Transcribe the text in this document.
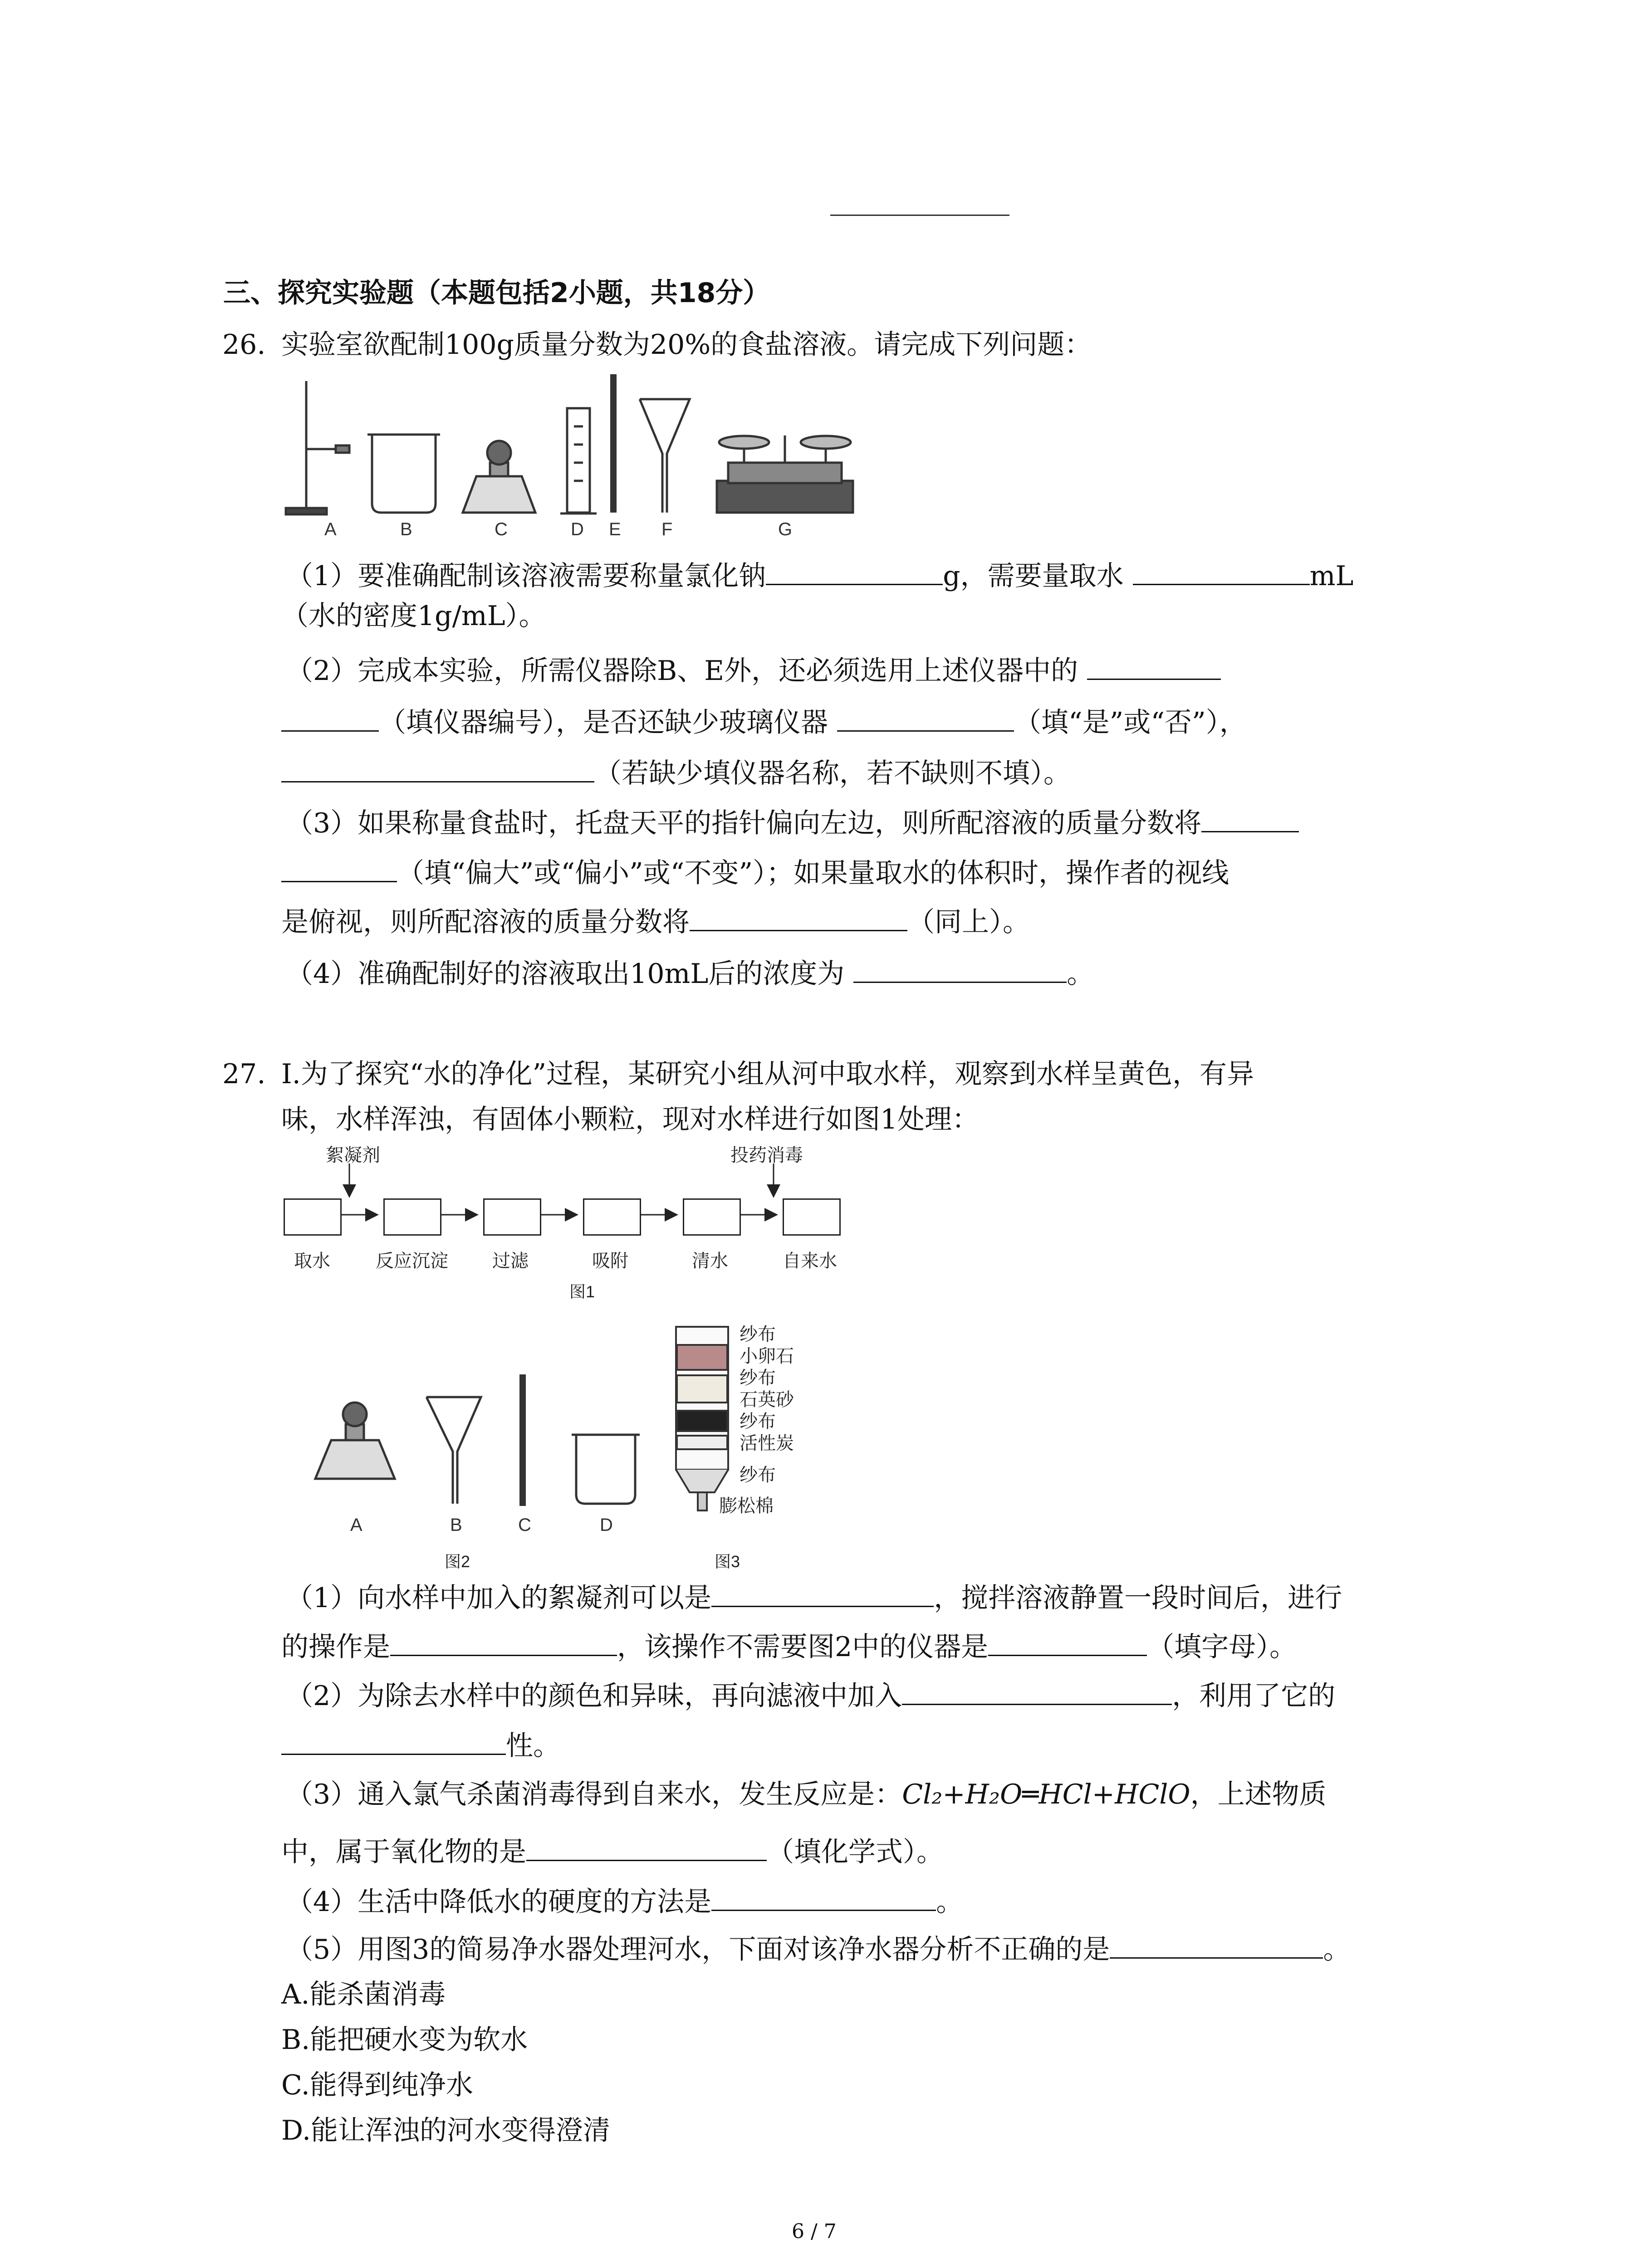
三、探究实验题（本题包括2小题，共18分）
26. 实验室欲配制100g质量分数为20%的食盐溶液。请完成下列问题：
A	B	C	D E F	G
（1）要准确配制该溶液需要称量氯化钠	g，需要量取水	mL
（水的密度1g/mL）。
（2）完成本实验，所需仪器除B、E外，还必须选用上述仪器中的
（填仪器编号），是否还缺少玻璃仪器	（填“是”或“否”），
（若缺少填仪器名称，若不缺则不填）。
（3）如果称量食盐时，托盘天平的指针偏向左边，则所配溶液的质量分数将
（填“偏大”或“偏小”或“不变”）；如果量取水的体积时，操作者的视线
是俯视，则所配溶液的质量分数将	（同上）。
（4）准确配制好的溶液取出10mL后的浓度为	。
27. Ⅰ.为了探究“水的净化”过程，某研究小组从河中取水样，观察到水样呈黄色，有异
味，水样浑浊，有固体小颗粒，现对水样进行如图1处理：
絮凝剂	投药消毒
取水	反应沉淀 过滤	吸附	清水	自来水
图1
A	B	C	D
图2	图3
纱布
小卵石
纱布
石英砂
纱布
活性炭
纱布
膨松棉
（1）向水样中加入的絮凝剂可以是	，搅拌溶液静置一段时间后，进行
的操作是	，该操作不需要图2中的仪器是	（填字母）。
（2）为除去水样中的颜色和异味，再向滤液中加入	，利用了它的
性。
（3）通入氯气杀菌消毒得到自来水，发生反应是：Cl₂+H₂O═HCl+HClO，上述物质
中，属于氧化物的是	（填化学式）。
（4）生活中降低水的硬度的方法是	。
（5）用图3的简易净水器处理河水，下面对该净水器分析不正确的是	。
A.能杀菌消毒
B.能把硬水变为软水
C.能得到纯净水
D.能让浑浊的河水变得澄清
6 / 7
